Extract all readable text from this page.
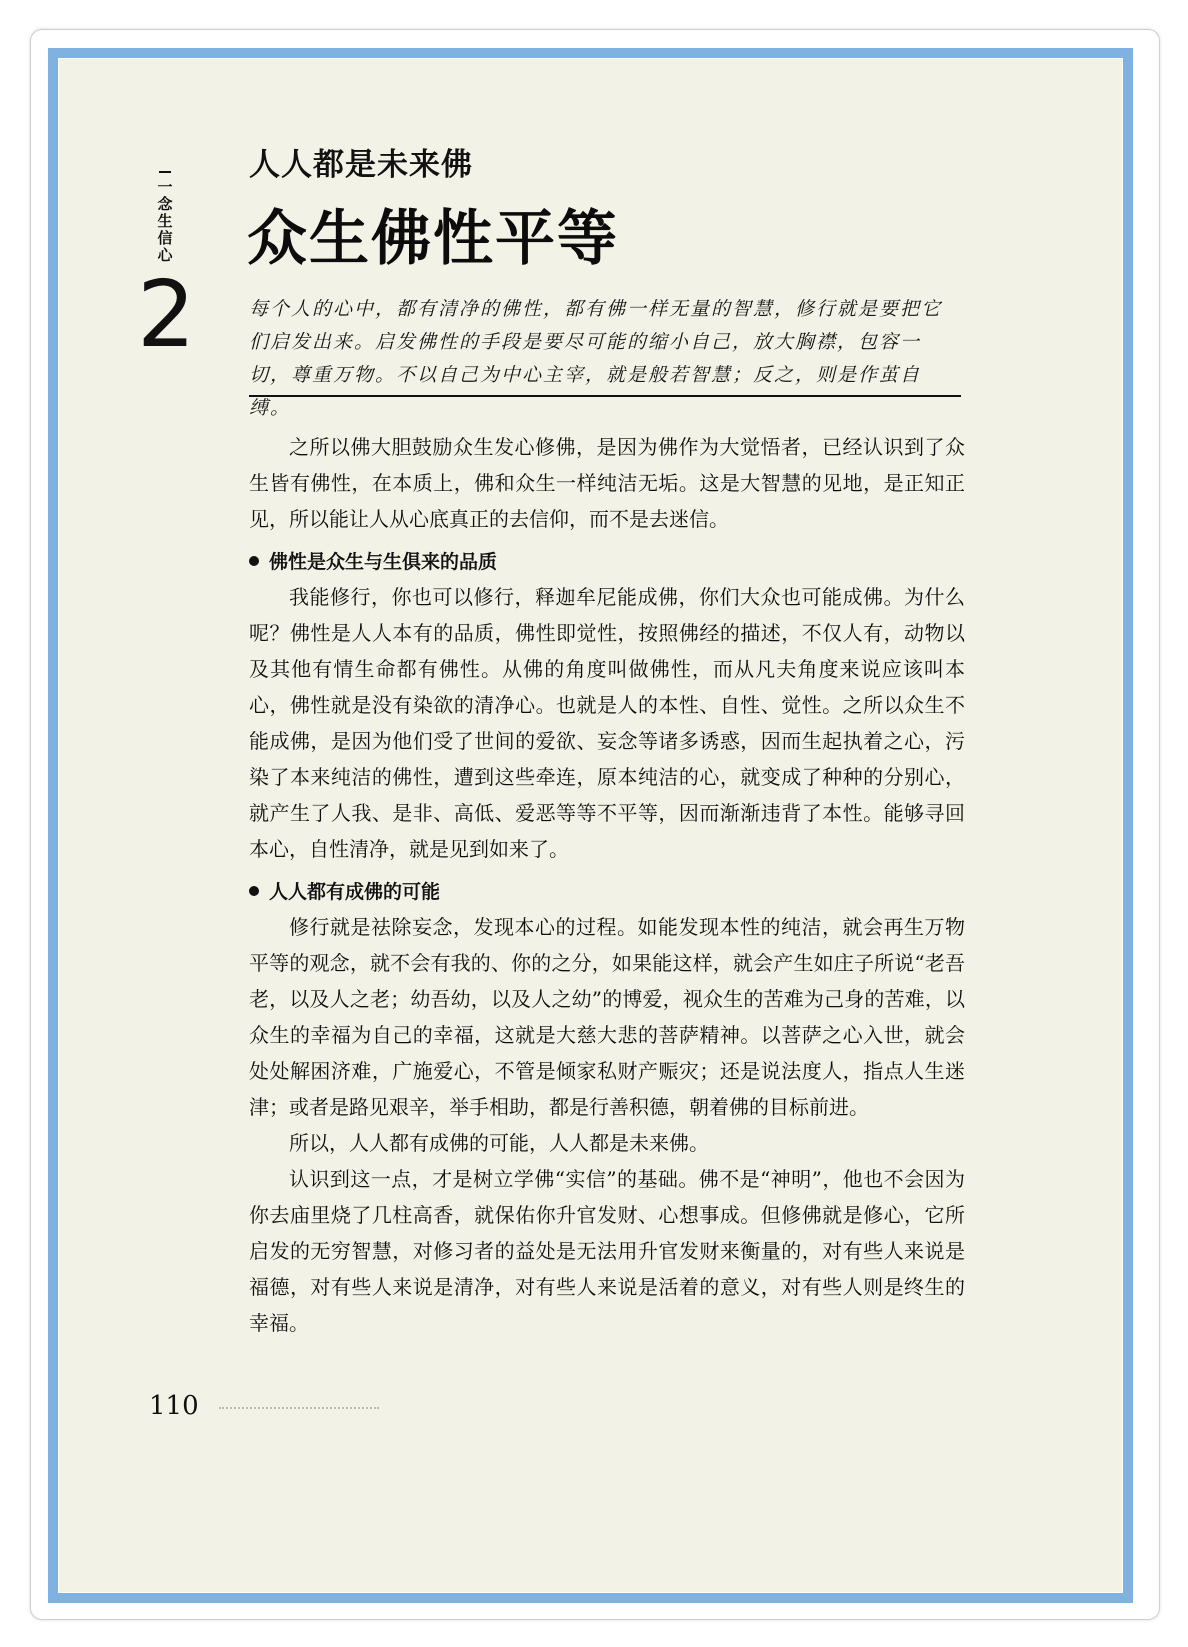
一
念
生
信
心
2
人人都是未来佛
众生佛性平等
每个人的心中，都有清净的佛性，都有佛一样无量的智慧，修行就是要把它们启发出来。启发佛性的手段是要尽可能的缩小自己，放大胸襟，包容一切，尊重万物。不以自己为中心主宰，就是般若智慧；反之，则是作茧自缚。

之所以佛大胆鼓励众生发心修佛，是因为佛作为大觉悟者，已经认识到了众生皆有佛性，在本质上，佛和众生一样纯洁无垢。这是大智慧的见地，是正知正见，所以能让人从心底真正的去信仰，而不是去迷信。

佛性是众生与生俱来的品质

我能修行，你也可以修行，释迦牟尼能成佛，你们大众也可能成佛。为什么呢？佛性是人人本有的品质，佛性即觉性，按照佛经的描述，不仅人有，动物以及其他有情生命都有佛性。从佛的角度叫做佛性，而从凡夫角度来说应该叫本心，佛性就是没有染欲的清净心。也就是人的本性、自性、觉性。之所以众生不能成佛，是因为他们受了世间的爱欲、妄念等诸多诱惑，因而生起执着之心，污染了本来纯洁的佛性，遭到这些牵连，原本纯洁的心，就变成了种种的分别心，就产生了人我、是非、高低、爱恶等等不平等，因而渐渐违背了本性。能够寻回本心，自性清净，就是见到如来了。

人人都有成佛的可能

修行就是祛除妄念，发现本心的过程。如能发现本性的纯洁，就会再生万物平等的观念，就不会有我的、你的之分，如果能这样，就会产生如庄子所说“老吾老，以及人之老；幼吾幼，以及人之幼”的博爱，视众生的苦难为己身的苦难，以众生的幸福为自己的幸福，这就是大慈大悲的菩萨精神。以菩萨之心入世，就会处处解困济难，广施爱心，不管是倾家私财产赈灾；还是说法度人，指点人生迷津；或者是路见艰辛，举手相助，都是行善积德，朝着佛的目标前进。

所以，人人都有成佛的可能，人人都是未来佛。

认识到这一点，才是树立学佛“实信”的基础。佛不是“神明”，他也不会因为你去庙里烧了几柱高香，就保佑你升官发财、心想事成。但修佛就是修心，它所启发的无穷智慧，对修习者的益处是无法用升官发财来衡量的，对有些人来说是福德，对有些人来说是清净，对有些人来说是活着的意义，对有些人则是终生的幸福。

110
